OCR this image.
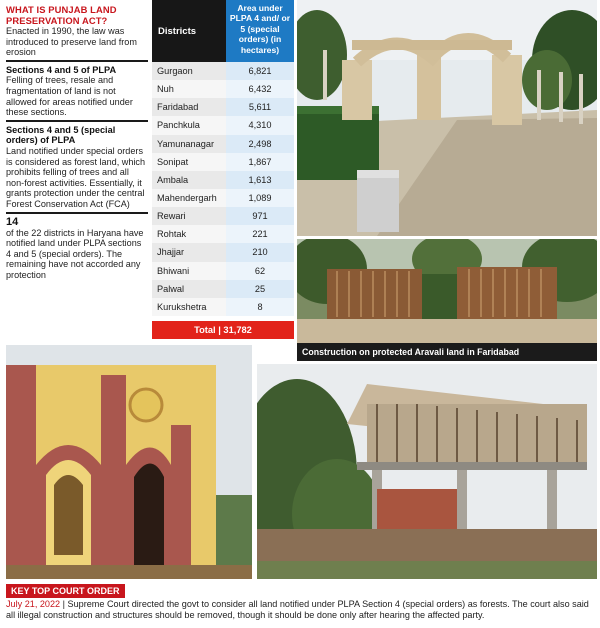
WHAT IS PUNJAB LAND PRESERVATION ACT?
Enacted in 1990, the law was introduced to preserve land from erosion
Sections 4 and 5 of PLPA
Felling of trees, resale and fragmentation of land is not allowed for areas notified under these sections.
Sections 4 and 5 (special orders) of PLPA
Land notified under special orders is considered as forest land, which prohibits felling of trees and all non-forest activities. Essentially, it grants protection under the central Forest Conservation Act (FCA)
14
of the 22 districts in Haryana have notified land under PLPA sections 4 and 5 (special orders). The remaining have not accorded any protection
Districts
Area under PLPA 4 and/ or 5 (special orders) (in hectares)
Gurgaon	6,821
Nuh	6,432
Faridabad	5,611
Panchkula	4,310
Yamunanagar	2,498
Sonipat	1,867
Ambala	1,613
Mahendergarh	1,089
Rewari	971
Rohtak	221
Jhajjar	210
Bhiwani	62
Palwal	25
Kurukshetra	8
Total | 31,782
Construction on protected Aravali land in Faridabad
KEY TOP COURT ORDER
July 21, 2022 | Supreme Court directed the govt to consider all land notified under PLPA Section 4 (special orders) as forests. The court also said all illegal construction and structures should be removed, though it should be done only after hearing the affected party.
